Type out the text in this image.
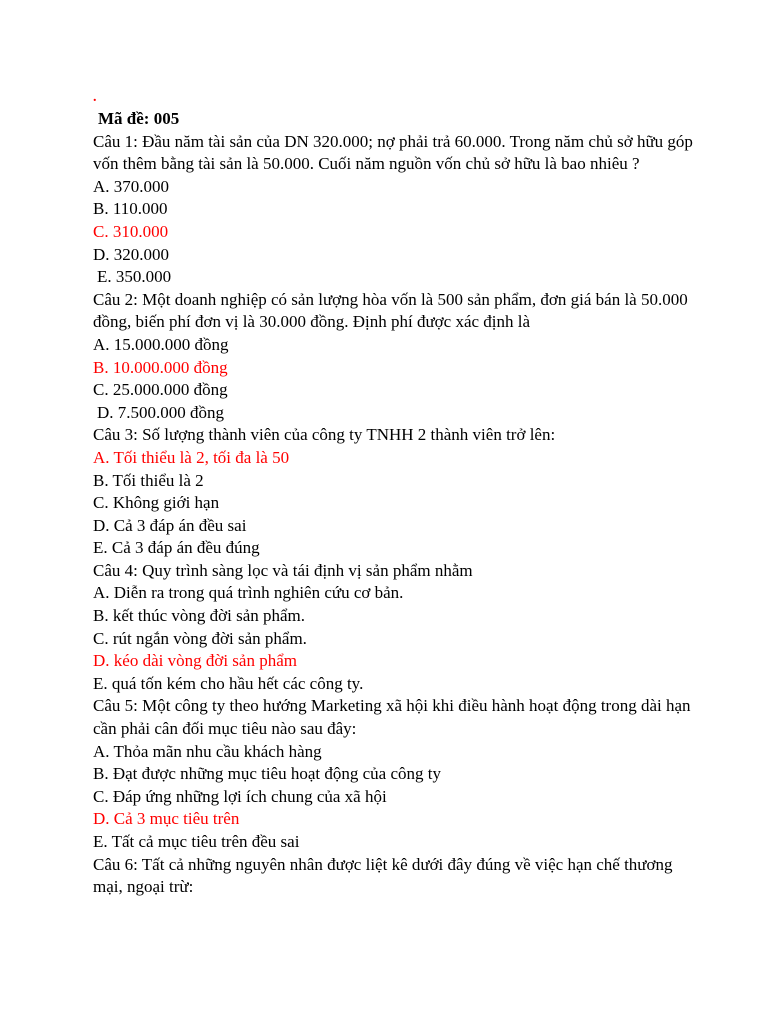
.
Mã đề: 005
Câu 1: Đầu năm tài sản của DN 320.000; nợ phải trả 60.000. Trong năm chủ sở hữu góp vốn thêm bằng tài sản là 50.000. Cuối năm nguồn vốn chủ sở hữu là bao nhiêu ?
A. 370.000
B. 110.000
C. 310.000
D. 320.000
E. 350.000
Câu 2: Một doanh nghiệp có sản lượng hòa vốn là 500 sản phẩm, đơn giá bán là 50.000 đồng, biến phí đơn vị là 30.000 đồng. Định phí được xác định là
A. 15.000.000 đồng
B. 10.000.000 đồng
C. 25.000.000 đồng
D. 7.500.000 đồng
Câu 3: Số lượng thành viên của công ty TNHH 2 thành viên trở lên:
A. Tối thiểu là 2, tối đa là 50
B. Tối thiểu là 2
C. Không giới hạn
D. Cả 3 đáp án đều sai
E. Cả 3 đáp án đều đúng
Câu 4: Quy trình sàng lọc và tái định vị sản phẩm nhằm
A. Diễn ra trong quá trình nghiên cứu cơ bản.
B. kết thúc vòng đời sản phẩm.
C. rút ngắn vòng đời sản phẩm.
D. kéo dài vòng đời sản phẩm
E. quá tốn kém cho hầu hết các công ty.
Câu 5: Một công ty theo hướng Marketing xã hội khi điều hành hoạt động trong dài hạn cần phải cân đối mục tiêu nào sau đây:
A. Thỏa mãn nhu cầu khách hàng
B. Đạt được những mục tiêu hoạt động của công ty
C. Đáp ứng những lợi ích chung của xã hội
D. Cả 3 mục tiêu trên
E. Tất cả mục tiêu trên đều sai
Câu 6: Tất cả những nguyên nhân được liệt kê dưới đây đúng về việc hạn chế thương mại, ngoại trừ:
